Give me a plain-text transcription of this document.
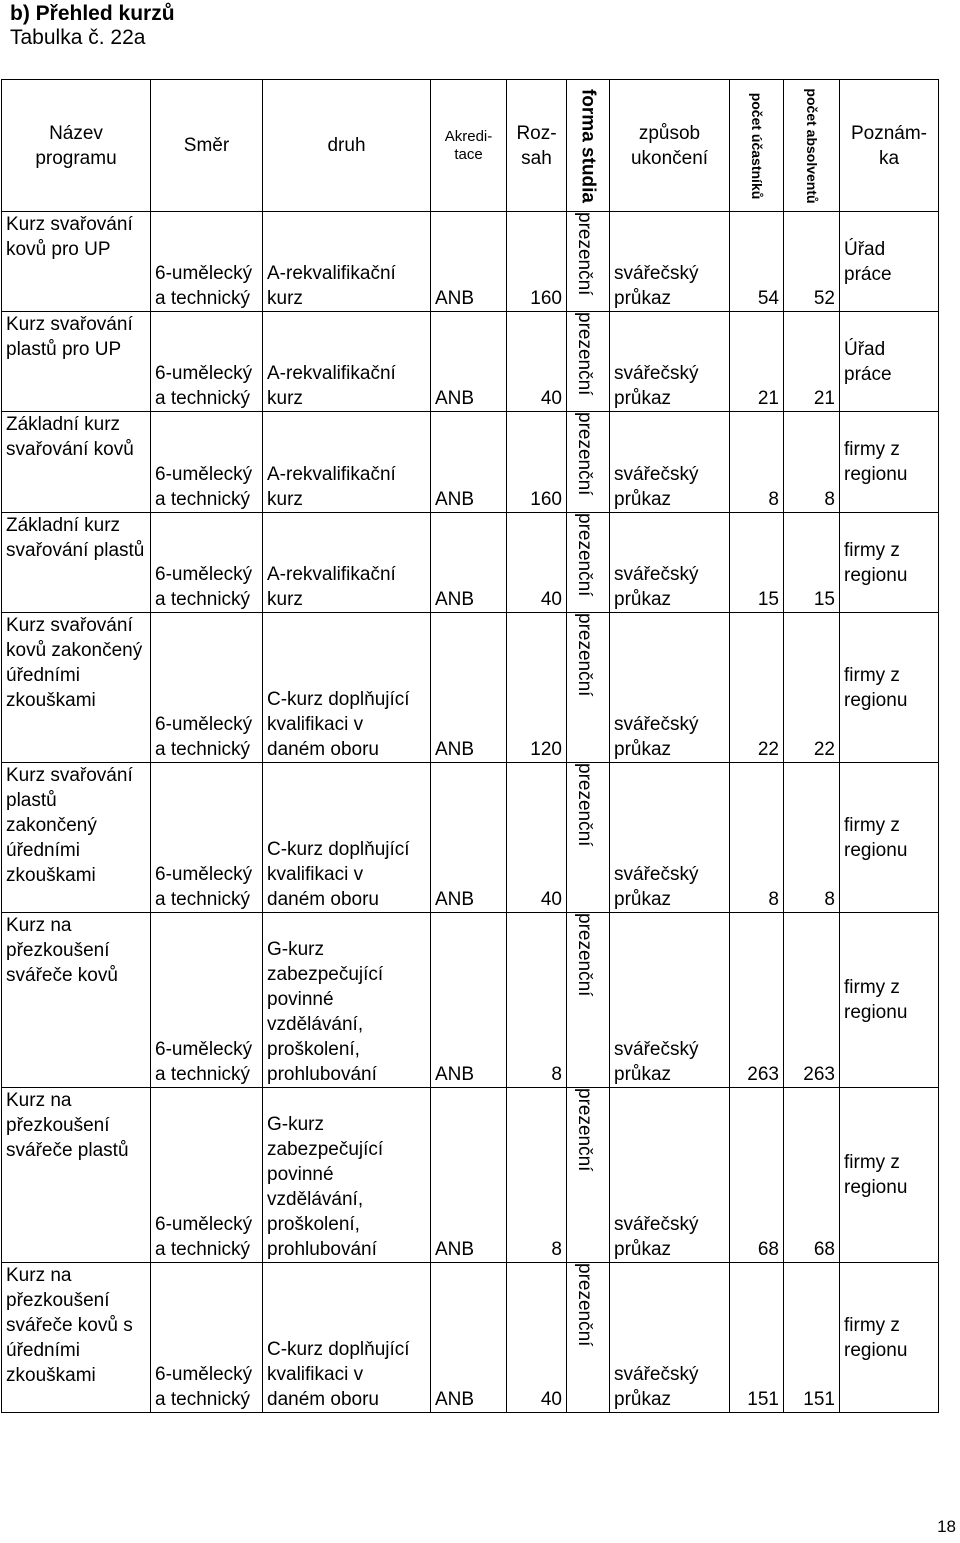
b) Přehled kurzů
Tabulka č. 22a
Název programu	Směr	druh	Akredi-tace	Roz-sah	forma studia	způsob ukončení	počet účastníků	počet absolventů	Poznám-ka
Kurz svařování kovů pro UP	6-umělecký a technický	A-rekvalifikační kurz	ANB	160	prezenční	svářečský průkaz	54	52	Úřad práce
Kurz svařování plastů pro UP	6-umělecký a technický	A-rekvalifikační kurz	ANB	40	prezenční	svářečský průkaz	21	21	Úřad práce
Základní kurz svařování kovů	6-umělecký a technický	A-rekvalifikační kurz	ANB	160	prezenční	svářečský průkaz	8	8	firmy z regionu
Základní kurz svařování plastů	6-umělecký a technický	A-rekvalifikační kurz	ANB	40	prezenční	svářečský průkaz	15	15	firmy z regionu
Kurz svařování kovů zakončený úředními zkouškami	6-umělecký a technický	C-kurz doplňující kvalifikaci v daném oboru	ANB	120	prezenční	svářečský průkaz	22	22	firmy z regionu
Kurz svařování plastů zakončený úředními zkouškami	6-umělecký a technický	C-kurz doplňující kvalifikaci v daném oboru	ANB	40	prezenční	svářečský průkaz	8	8	firmy z regionu
Kurz na přezkoušení svářeče kovů	6-umělecký a technický	G-kurz zabezpečující povinné vzdělávání, proškolení, prohlubování	ANB	8	prezenční	svářečský průkaz	263	263	firmy z regionu
Kurz na přezkoušení svářeče plastů	6-umělecký a technický	G-kurz zabezpečující povinné vzdělávání, proškolení, prohlubování	ANB	8	prezenční	svářečský průkaz	68	68	firmy z regionu
Kurz na přezkoušení svářeče kovů s úředními zkouškami	6-umělecký a technický	C-kurz doplňující kvalifikaci v daném oboru	ANB	40	prezenční	svářečský průkaz	151	151	firmy z regionu
18
